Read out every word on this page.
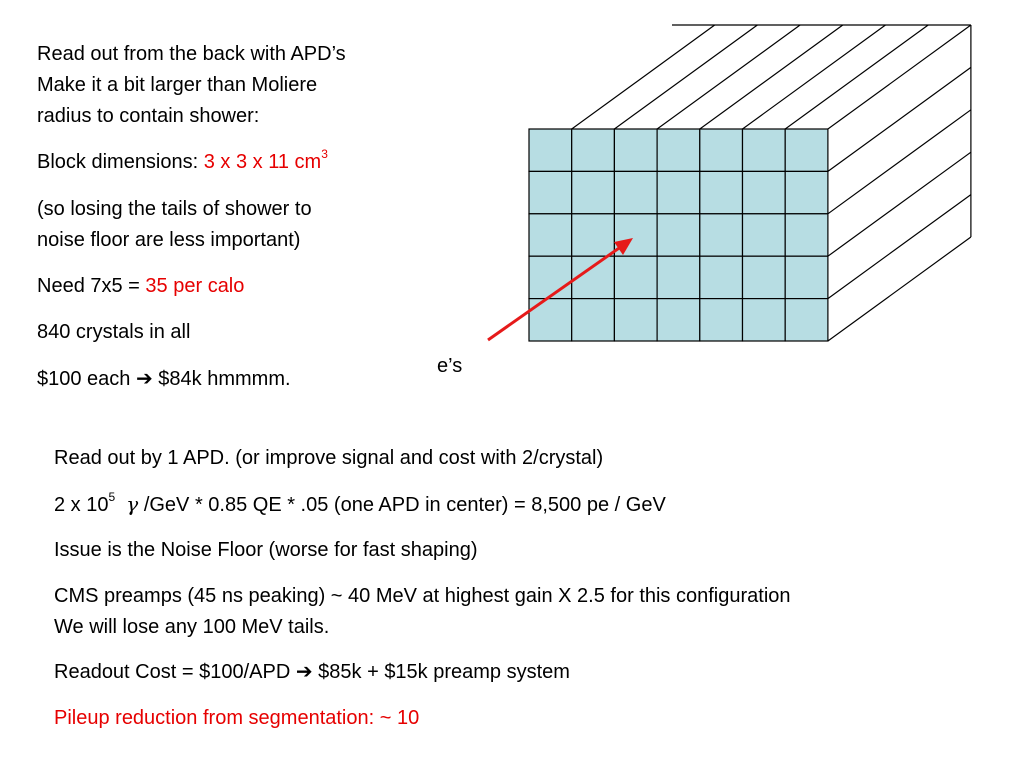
e’s
Read out from the back with APD’s
Make it a bit larger than Moliere
radius to contain shower:
Block dimensions: 3 x 3 x 11 $cm^3$
(so losing the tails of shower to
noise floor are less important)
Need 7x5 = 35 per calo
840 crystals in all
$100 each ➔ $84k hmmmm.
Read out by 1 APD. (or improve signal and cost with 2/crystal)
2 x $10^5$ γ /GeV * 0.85 QE * .05 (one APD in center) = 8,500 pe / GeV
Issue is the Noise Floor (worse for fast shaping)
CMS preamps (45 ns peaking) ~ 40 MeV at highest gain X 2.5 for this configuration
We will lose any 100 MeV tails.
Readout Cost = $100/APD ➔ $85k + $15k preamp system
Pileup reduction from segmentation: ~ 10
